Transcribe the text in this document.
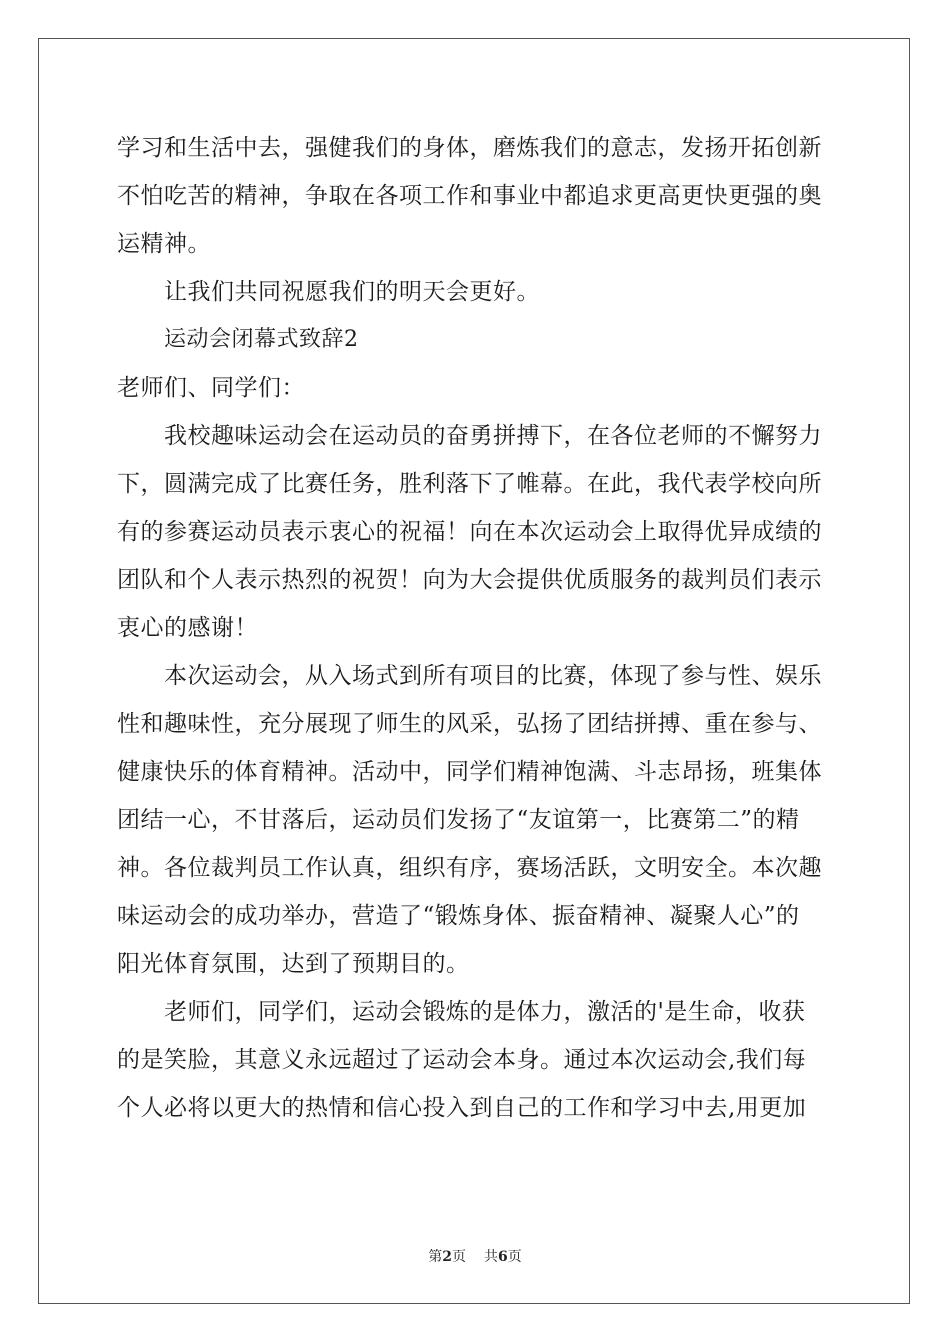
学习和生活中去，强健我们的身体，磨炼我们的意志，发扬开拓创新
不怕吃苦的精神，争取在各项工作和事业中都追求更高更快更强的奥
运精神。
让我们共同祝愿我们的明天会更好。
运动会闭幕式致辞2
老师们、同学们：
我校趣味运动会在运动员的奋勇拼搏下，在各位老师的不懈努力
下，圆满完成了比赛任务，胜利落下了帷幕。在此，我代表学校向所
有的参赛运动员表示衷心的祝福！向在本次运动会上取得优异成绩的
团队和个人表示热烈的祝贺！向为大会提供优质服务的裁判员们表示
衷心的感谢！
本次运动会，从入场式到所有项目的比赛，体现了参与性、娱乐
性和趣味性，充分展现了师生的风采，弘扬了团结拼搏、重在参与、
健康快乐的体育精神。活动中，同学们精神饱满、斗志昂扬，班集体
团结一心，不甘落后，运动员们发扬了“友谊第一，比赛第二”的精
神。各位裁判员工作认真，组织有序，赛场活跃，文明安全。本次趣
味运动会的成功举办，营造了“锻炼身体、振奋精神、凝聚人心”的
阳光体育氛围，达到了预期目的。
老师们，同学们，运动会锻炼的是体力，激活的'是生命，收获
的是笑脸，其意义永远超过了运动会本身。通过本次运动会,我们每
个人必将以更大的热情和信心投入到自己的工作和学习中去,用更加
第2页 共6页
